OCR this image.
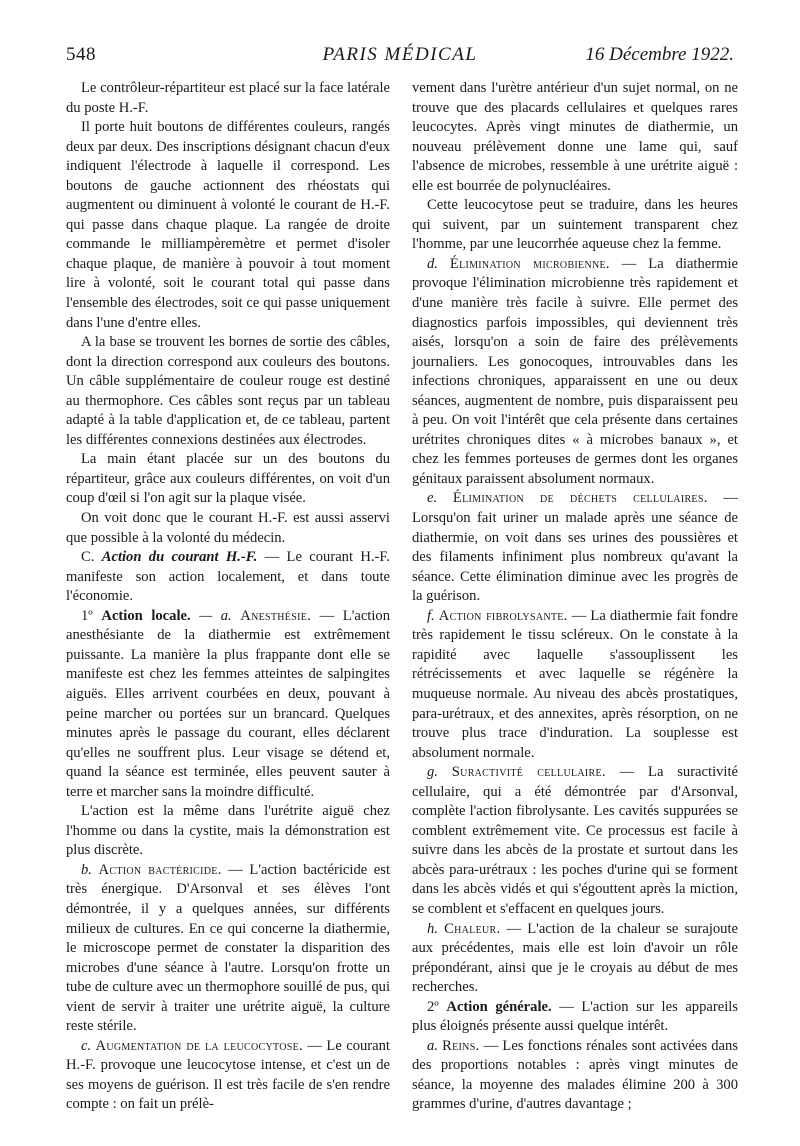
548	PARIS MÉDICAL	16 Décembre 1922.

Le contrôleur-répartiteur est placé sur la face latérale du poste H.-F.

Il porte huit boutons de différentes couleurs, rangés deux par deux. Des inscriptions désignant chacun d'eux indiquent l'électrode à laquelle il correspond. Les boutons de gauche actionnent des rhéostats qui augmentent ou diminuent à volonté le courant de H.-F. qui passe dans chaque plaque. La rangée de droite commande le milliampèremètre et permet d'isoler chaque plaque, de manière à pouvoir à tout moment lire à volonté, soit le courant total qui passe dans l'ensemble des électrodes, soit ce qui passe uniquement dans l'une d'entre elles.

A la base se trouvent les bornes de sortie des câbles, dont la direction correspond aux couleurs des boutons. Un câble supplémentaire de couleur rouge est destiné au thermophore. Ces câbles sont reçus par un tableau adapté à la table d'application et, de ce tableau, partent les différentes connexions destinées aux électrodes.

La main étant placée sur un des boutons du répartiteur, grâce aux couleurs différentes, on voit d'un coup d'œil si l'on agit sur la plaque visée.

On voit donc que le courant H.-F. est aussi asservi que possible à la volonté du médecin.

C. Action du courant H.-F. — Le courant H.-F. manifeste son action localement, et dans toute l'économie.

1º Action locale. — a. Anesthésie. — L'action anesthésiante de la diathermie est extrêmement puissante. La manière la plus frappante dont elle se manifeste est chez les femmes atteintes de salpingites aiguës. Elles arrivent courbées en deux, pouvant à peine marcher ou portées sur un brancard. Quelques minutes après le passage du courant, elles déclarent qu'elles ne souffrent plus. Leur visage se détend et, quand la séance est terminée, elles peuvent sauter à terre et marcher sans la moindre difficulté.

L'action est la même dans l'urétrite aiguë chez l'homme ou dans la cystite, mais la démonstration est plus discrète.

b. Action bactéricide. — L'action bactéricide est très énergique. D'Arsonval et ses élèves l'ont démontrée, il y a quelques années, sur différents milieux de cultures. En ce qui concerne la diathermie, le microscope permet de constater la disparition des microbes d'une séance à l'autre. Lorsqu'on frotte un tube de culture avec un thermophore souillé de pus, qui vient de servir à traiter une urétrite aiguë, la culture reste stérile.

c. Augmentation de la leucocytose. — Le courant H.-F. provoque une leucocytose intense, et c'est un de ses moyens de guérison. Il est très facile de s'en rendre compte : on fait un prélè-

vement dans l'urètre antérieur d'un sujet normal, on ne trouve que des placards cellulaires et quelques rares leucocytes. Après vingt minutes de diathermie, un nouveau prélèvement donne une lame qui, sauf l'absence de microbes, ressemble à une urétrite aiguë : elle est bourrée de polynucléaires.

Cette leucocytose peut se traduire, dans les heures qui suivent, par un suintement transparent chez l'homme, par une leucorrhée aqueuse chez la femme.

d. Élimination microbienne. — La diathermie provoque l'élimination microbienne très rapidement et d'une manière très facile à suivre. Elle permet des diagnostics parfois impossibles, qui deviennent très aisés, lorsqu'on a soin de faire des prélèvements journaliers. Les gonocoques, introuvables dans les infections chroniques, apparaissent en une ou deux séances, augmentent de nombre, puis disparaissent peu à peu. On voit l'intérêt que cela présente dans certaines urétrites chroniques dites « à microbes banaux », et chez les femmes porteuses de germes dont les organes génitaux paraissent absolument normaux.

e. Élimination de déchets cellulaires. — Lorsqu'on fait uriner un malade après une séance de diathermie, on voit dans ses urines des poussières et des filaments infiniment plus nombreux qu'avant la séance. Cette élimination diminue avec les progrès de la guérison.

f. Action fibrolysante. — La diathermie fait fondre très rapidement le tissu scléreux. On le constate à la rapidité avec laquelle s'assouplissent les rétrécissements et avec laquelle se régénère la muqueuse normale. Au niveau des abcès prostatiques, para-urétraux, et des annexites, après résorption, on ne trouve plus trace d'induration. La souplesse est absolument normale.

g. Suractivité cellulaire. — La suractivité cellulaire, qui a été démontrée par d'Arsonval, complète l'action fibrolysante. Les cavités suppurées se comblent extrêmement vite. Ce processus est facile à suivre dans les abcès de la prostate et surtout dans les abcès para-urétraux : les poches d'urine qui se forment dans les abcès vidés et qui s'égouttent après la miction, se comblent et s'effacent en quelques jours.

h. Chaleur. — L'action de la chaleur se surajoute aux précédentes, mais elle est loin d'avoir un rôle prépondérant, ainsi que je le croyais au début de mes recherches.

2º Action générale. — L'action sur les appareils plus éloignés présente aussi quelque intérêt.

a. Reins. — Les fonctions rénales sont activées dans des proportions notables : après vingt minutes de séance, la moyenne des malades élimine 200 à 300 grammes d'urine, d'autres davantage ;
